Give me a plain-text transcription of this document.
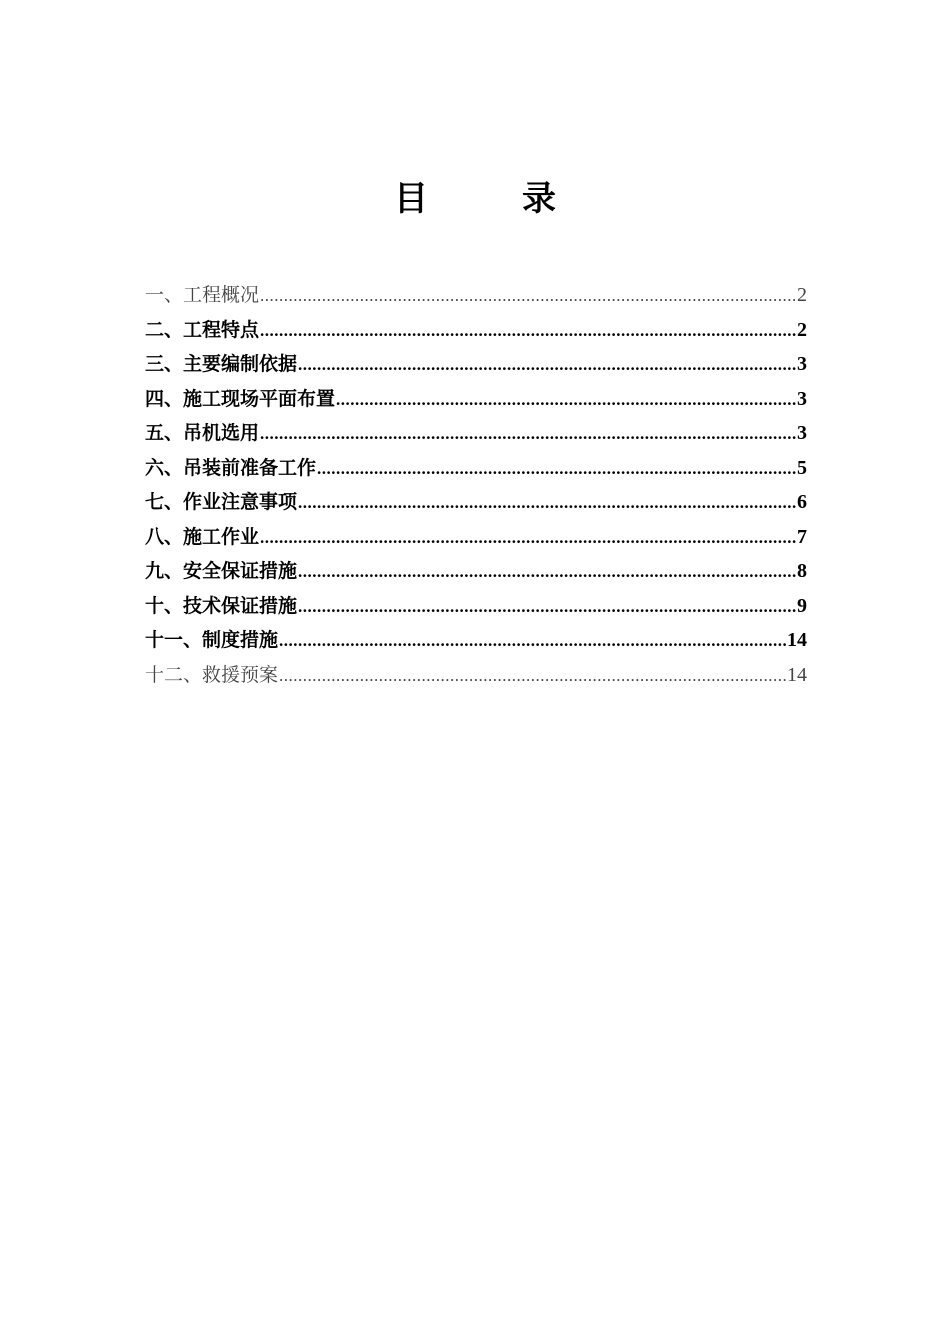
目　录
一、工程概况 .....	2
二、工程特点 .....	2
三、主要编制依据 .....	3
四、施工现场平面布置 .....	3
五、吊机选用 .....	3
六、吊装前准备工作 .....	5
七、作业注意事项 .....	6
八、施工作业 .....	7
九、安全保证措施 .....	8
十、技术保证措施 .....	9
十一、制度措施 .....	14
十二、救援预案 .....	14
